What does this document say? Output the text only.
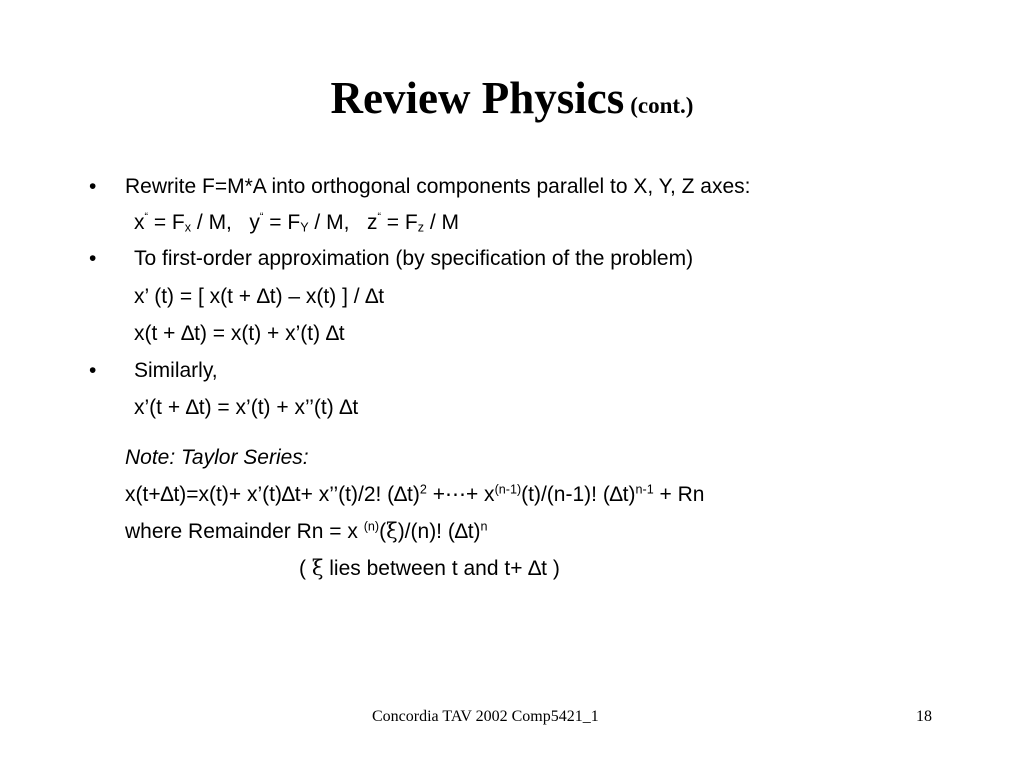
Review Physics (cont.)
• Rewrite F=M*A into orthogonal components parallel to X, Y, Z axes:
$x^“ = F_x / M$, $y^“ = F_Y / M$, $z^“ = F_z / M$
• To first-order approximation (by specification of the problem)
x’ (t) = [ x(t + ∆t) – x(t) ] / ∆t
x(t + ∆t) = x(t) + x’(t) ∆t
• Similarly,
x’(t + ∆t) = x’(t) + x’’(t) ∆t
Note: Taylor Series:
x(t+∆t)=x(t)+ x’(t)∆t+ x’’(t)/2! $(\Delta t)^2$ +⋯+ $x^{(n-1)}(t)/(n-1)$! $(\Delta t)^{n-1} + Rn$
where Remainder Rn = x $^{(n)}$(ξ)/(n)! $(\Delta t)^n$
( ξ lies between t and t+ ∆t )
Concordia TAV 2002 Comp5421_1	18
